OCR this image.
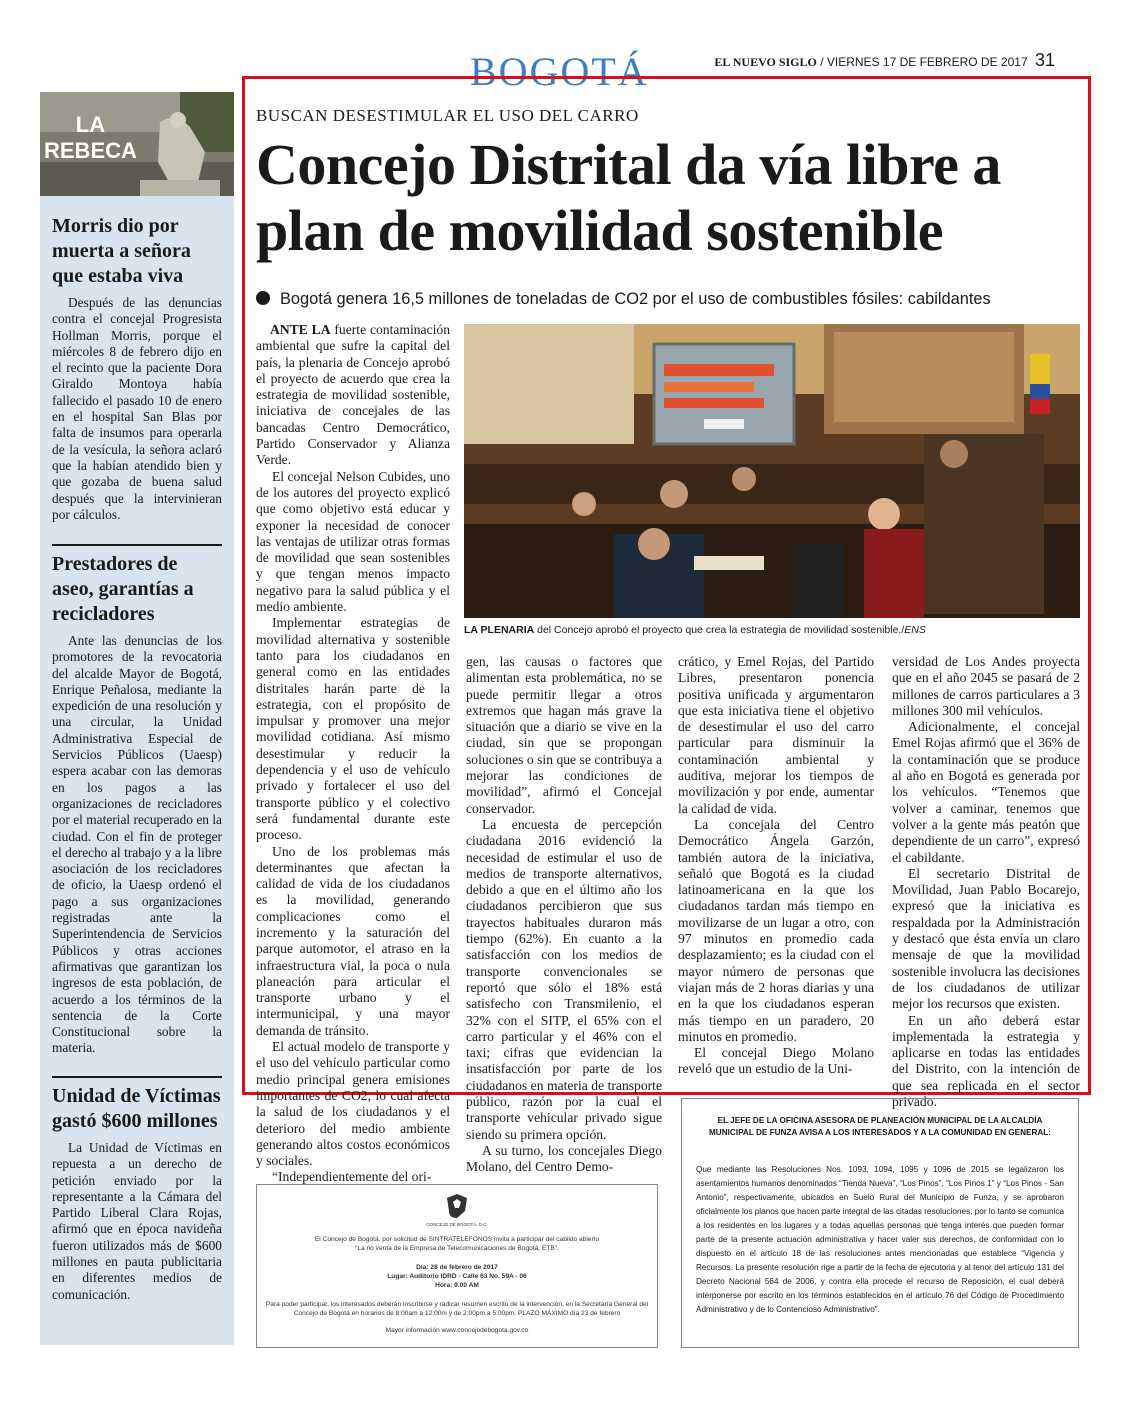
BOGOTÁ	EL NUEVO SIGLO / VIERNES 17 DE FEBRERO DE 2017 31
LA
REBECA
Morris dio por muerta a señora que estaba viva

Después de las denuncias contra el concejal Progresista Hollman Morris, porque el miércoles 8 de febrero dijo en el recinto que la paciente Dora Giraldo Montoya había fallecido el pasado 10 de enero en el hospital San Blas por falta de insumos para operarla de la vesícula, la señora aclaró que la habían atendido bien y que gozaba de buena salud después que la intervinieran por cálculos.

Prestadores de aseo, garantías a recicladores

Ante las denuncias de los promotores de la revocatoria del alcalde Mayor de Bogotá, Enrique Peñalosa, mediante la expedición de una resolución y una circular, la Unidad Administrativa Especial de Servicios Públicos (Uaesp) espera acabar con las demoras en los pagos a las organizaciones de recicladores por el material recuperado en la ciudad. Con el fin de proteger el derecho al trabajo y a la libre asociación de los recicladores de oficio, la Uaesp ordenó el pago a sus organizaciones registradas ante la Superintendencia de Servicios Públicos y otras acciones afirmativas que garantizan los ingresos de esta población, de acuerdo a los términos de la sentencia de la Corte Constitucional sobre la materia.

Unidad de Víctimas gastó $600 millones

La Unidad de Víctimas en repuesta a un derecho de petición enviado por la representante a la Cámara del Partido Liberal Clara Rojas, afirmó que en época navideña fueron utilizados más de $600 millones en pauta publicitaria en diferentes medios de comunicación.

BUSCAN DESESTIMULAR EL USO DEL CARRO
Concejo Distrital da vía libre a plan de movilidad sostenible
Bogotá genera 16,5 millones de toneladas de CO2 por el uso de combustibles fósiles: cabildantes

ANTE LA fuerte contaminación ambiental que sufre la capital del país, la plenaria de Concejo aprobó el proyecto de acuerdo que crea la estrategia de movilidad sostenible, iniciativa de concejales de las bancadas Centro Democrático, Partido Conservador y Alianza Verde.

El concejal Nelson Cubides, uno de los autores del proyecto explicó que como objetivo está educar y exponer la necesidad de conocer las ventajas de utilizar otras formas de movilidad que sean sostenibles y que tengan menos impacto negativo para la salud pública y el medio ambiente.

Implementar estrategias de movilidad alternativa y sostenible tanto para los ciudadanos en general como en las entidades distritales harán parte de la estrategia, con el propósito de impulsar y promover una mejor movilidad cotidiana. Así mismo desestimular y reducir la dependencia y el uso de vehículo privado y fortalecer el uso del transporte público y el colectivo será fundamental durante este proceso.

Uno de los problemas más determinantes que afectan la calidad de vida de los ciudadanos es la movilidad, generando complicaciones como el incremento y la saturación del parque automotor, el atraso en la infraestructura vial, la poca o nula planeación para articular el transporte urbano y el intermunicipal, y una mayor demanda de tránsito.

El actual modelo de transporte y el uso del vehículo particular como medio principal genera emisiones importantes de CO2, lo cual afecta la salud de los ciudadanos y el deterioro del medio ambiente generando altos costos económicos y sociales.

“Independientemente del ori-

LA PLENARIA del Concejo aprobó el proyecto que crea la estrategia de movilidad sostenible./ENS

gen, las causas o factores que alimentan esta problemática, no se puede permitir llegar a otros extremos que hagan más grave la situación que a diario se vive en la ciudad, sin que se propongan soluciones o sin que se contribuya a mejorar las condiciones de movilidad”, afirmó el Concejal conservador.

La encuesta de percepción ciudadana 2016 evidenció la necesidad de estimular el uso de medios de transporte alternativos, debido a que en el último año los ciudadanos percibieron que sus trayectos habituales duraron más tiempo (62%). En cuanto a la satisfacción con los medios de transporte convencionales se reportó que sólo el 18% está satisfecho con Transmilenio, el 32% con el SITP, el 65% con el carro particular y el 46% con el taxi; cifras que evidencian la insatisfacción por parte de los ciudadanos en materia de transporte público, razón por la cual el transporte vehicular privado sigue siendo su primera opción.

A su turno, los concejales Diego Molano, del Centro Demo-

crático, y Emel Rojas, del Partido Libres, presentaron ponencia positiva unificada y argumentaron que esta iniciativa tiene el objetivo de desestimular el uso del carro particular para disminuir la contaminación ambiental y auditiva, mejorar los tiempos de movilización y por ende, aumentar la calidad de vida.

La concejala del Centro Democrático Ángela Garzón, también autora de la iniciativa, señaló que Bogotá es la ciudad latinoamericana en la que los ciudadanos tardan más tiempo en movilizarse de un lugar a otro, con 97 minutos en promedio cada desplazamiento; es la ciudad con el mayor número de personas que viajan más de 2 horas diarias y una en la que los ciudadanos esperan más tiempo en un paradero, 20 minutos en promedio.

El concejal Diego Molano reveló que un estudio de la Uni-

versidad de Los Andes proyecta que en el año 2045 se pasará de 2 millones de carros particulares a 3 millones 300 mil vehículos.

Adicionalmente, el concejal Emel Rojas afirmó que el 36% de la contaminación que se produce al año en Bogotá es generada por los vehículos. “Tenemos que volver a caminar, tenemos que volver a la gente más peatón que dependiente de un carro”, expresó el cabildante.

El secretario Distrital de Movilidad, Juan Pablo Bocarejo, expresó que la iniciativa es respaldada por la Administración y destacó que ésta envía un claro mensaje de que la movilidad sostenible involucra las decisiones de los ciudadanos de utilizar mejor los recursos que existen.

En un año deberá estar implementada la estrategia y aplicarse en todas las entidades del Distrito, con la intención de que sea replicada en el sector privado.

CONCEJO DE BOGOTÁ, D.C.
El Concejo de Bogotá, por solicitud de SINTRATELEFONOS invita a participar del cabildo abierto
“La no venta de la Empresa de Telecomunicaciones de Bogotá, ETB”.
Día: 28 de febrero de 2017
Lugar: Auditorio IDRD - Calle 63 No. 59A - 06
Hora: 9.00 AM
Para poder participar, los interesados deberán inscribirse y radicar resumen escrito de la intervención, en la Secretaría General del Concejo de Bogotá en horarios de 8:00am a 12:00m y de 2:00pm a 5:00pm. PLAZO MÁXIMO día 23 de febrero
Mayor información www.concejodebogota.gov.co
EL JEFE DE LA OFICINA ASESORA DE PLANEACIÓN MUNICIPAL DE LA ALCALDÍA MUNICIPAL DE FUNZA AVISA A LOS INTERESADOS Y A LA COMUNIDAD EN GENERAL:
Que mediante las Resoluciones Nos. 1093, 1094, 1095 y 1096 de 2015 se legalizaron los asentamientos humanos denominados “Tienda Nueva”, “Los Pinos”, “Los Pinos 1” y “Los Pinos - San Antonio”, respectivamente, ubicados en Suelo Rural del Municipio de Funza, y se aprobaron oficialmente los planos que hacen parte integral de las citadas resoluciones, por lo tanto se comunica a los residentes en los lugares y a todas aquellas personas que tenga interés que pueden formar parte de la presente actuación administrativa y hacer valer sus derechos, de conformidad con lo dispuesto en el artículo 18 de las resoluciones antes mencionadas que establece “Vigencia y Recursos. La presente resolución rige a partir de la fecha de ejecutoria y al tenor del artículo 131 del Decreto Nacional 564 de 2006, y contra ella procede el recurso de Reposición, el cual deberá interponerse por escrito en los términos establecidos en el artículo 76 del Código de Procedimiento Administrativo y de lo Contencioso Administrativo”.
